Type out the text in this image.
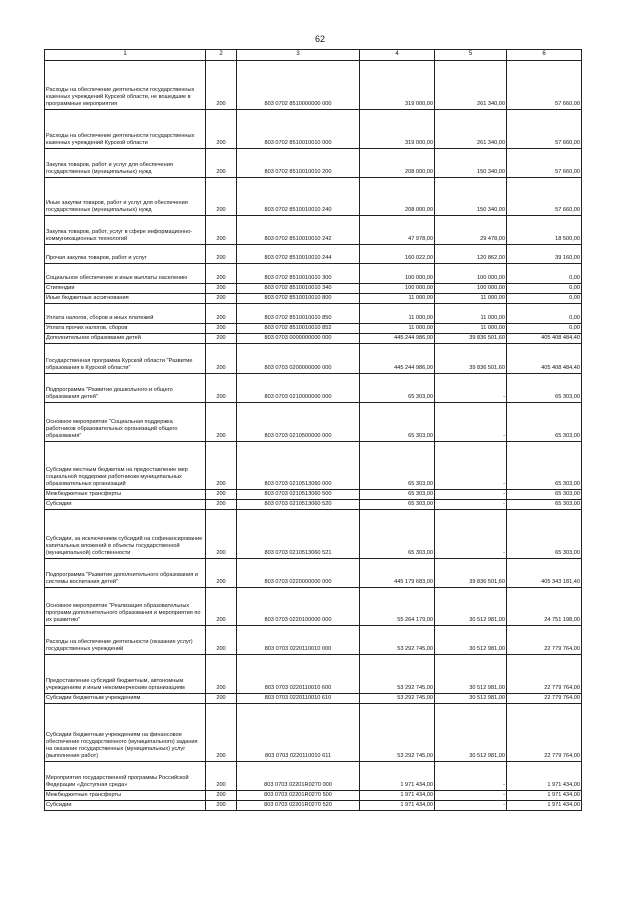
62
1	2	3	4	5	6
Расходы на обеспечение деятельности государственных казенных учреждений Курской области, не вошедшие в программные мероприятия	200	803 0702 8510000000 000	319 000,00	261 340,00	57 660,00
Расходы на обеспечение деятельности государственных казенных учреждений Курской области	200	803 0702 8510010010 000	319 000,00	261 340,00	57 660,00
Закупка товаров, работ и услуг для обеспечения государственных (муниципальных) нужд	200	803 0702 8510010010 200	208 000,00	150 340,00	57 660,00
Иные закупки товаров, работ и услуг для обеспечения государственных (муниципальных) нужд	200	803 0702 8510010010 240	208 000,00	150 340,00	57 660,00
Закупка товаров, работ, услуг в сфере информационно-коммуникационных технологий	200	803 0702 8510010010 242	47 978,00	29 478,00	18 500,00
Прочая закупка товаров, работ и услуг	200	803 0702 8510010010 244	160 022,00	120 862,00	39 160,00
Социальное обеспечение и иные выплаты населению	200	803 0702 8510010010 300	100 000,00	100 000,00	0,00
Стипендии	200	803 0702 8510010010 340	100 000,00	100 000,00	0,00
Иные бюджетные ассигнования	200	803 0702 8510010010 800	11 000,00	11 000,00	0,00
Уплата налогов, сборов и иных платежей	200	803 0702 8510010010 850	11 000,00	11 000,00	0,00
Уплата прочих налогов, сборов	200	803 0702 8510010010 852	11 000,00	11 000,00	0,00
Дополнительное образование детей	200	803 0703 0000000000 000	445 244 986,00	39 836 501,60	405 408 484,40
Государственная программа Курской области "Развитие образования в Курской области"	200	803 0703 0200000000 000	445 244 986,00	39 836 501,60	405 408 484,40
Подпрограмма "Развитие дошкольного и общего образования детей"	200	803 0703 0210000000 000	65 303,00	-	65 303,00
Основное мероприятие "Социальная поддержка работников образовательных организаций общего образования"	200	803 0703 0210500000 000	65 303,00	-	65 303,00
Субсидии местным бюджетам на предоставление мер социальной поддержки работникам муниципальных образовательных организаций	200	803 0703 0210513060 000	65 303,00	-	65 303,00
Межбюджетные трансферты	200	803 0703 0210513060 500	65 303,00	-	65 303,00
Субсидии	200	803 0703 0210513060 520	65 303,00	-	65 303,00
Субсидии, за исключением субсидий на софинансирование капитальных вложений в объекты государственной (муниципальной) собственности	200	803 0703 0210513060 521	65 303,00	-	65 303,00
Подпрограмма "Развитие дополнительного образования и системы воспитания детей"	200	803 0703 0220000000 000	445 179 683,00	39 836 501,60	405 343 181,40
Основное мероприятие "Реализация образовательных программ дополнительного образования и мероприятия по их развитию"	200	803 0703 0220100000 000	55 264 179,00	30 512 981,00	24 751 198,00
Расходы на обеспечение деятельности (оказание услуг) государственных учреждений	200	803 0703 0220110010 000	53 292 745,00	30 512 981,00	22 779 764,00
Предоставление субсидий бюджетным, автономным учреждениям и иным некоммерческим организациям	200	803 0703 0220110010 600	53 292 745,00	30 512 981,00	22 779 764,00
Субсидии бюджетным учреждениям	200	803 0703 0220110010 610	53 292 745,00	30 512 981,00	22 779 764,00
Субсидии бюджетным учреждениям на финансовое обеспечение государственного (муниципального) задания на оказание государственных (муниципальных) услуг (выполнение работ)	200	803 0703 0220110010 611	53 292 745,00	30 512 981,00	22 779 764,00
Мероприятия государственной программы Российской Федерации «Доступная среда»	200	803 0703 02201R0270 000	1 971 434,00	-	1 971 434,00
Межбюджетные трансферты	200	803 0703 02201R0270 500	1 971 434,00	-	1 971 434,00
Субсидии	200	803 0703 02201R0270 520	1 971 434,00	-	1 971 434,00
